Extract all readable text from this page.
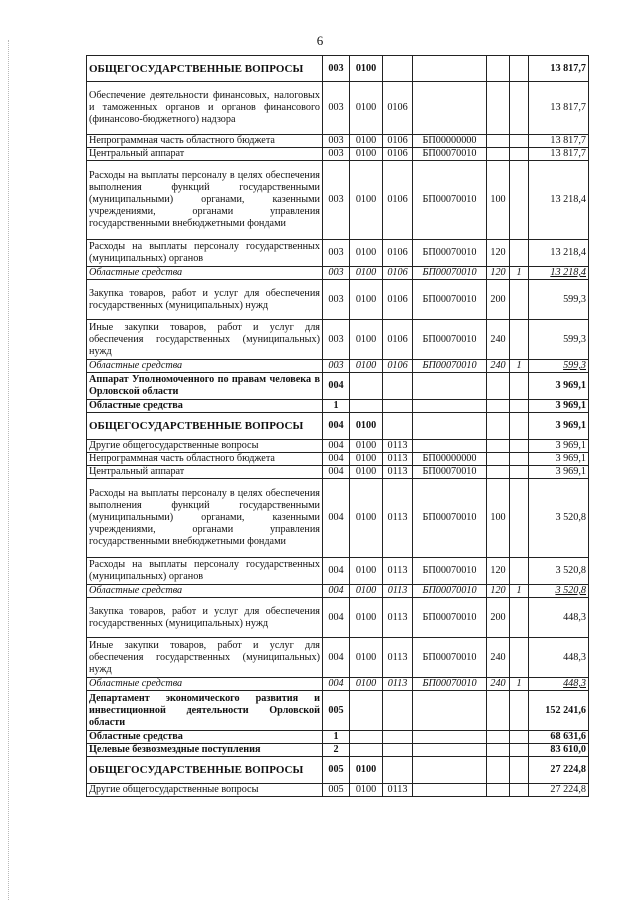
6
ОБЩЕГОСУДАРСТВЕННЫЕ ВОПРОСЫ	003	0100					13 817,7
Обеспечение деятельности финансовых, налоговых и таможенных органов и органов финансового (финансово-бюджетного) надзора	003	0100	0106				13 817,7
Непрограммная часть областного бюджета	003	0100	0106	БП00000000			13 817,7
Центральный аппарат	003	0100	0106	БП00070010			13 817,7
Расходы на выплаты персоналу в целях обеспечения выполнения функций государственными (муниципальными) органами, казенными учреждениями, органами управления государственными внебюджетными фондами	003	0100	0106	БП00070010	100		13 218,4
Расходы на выплаты персоналу государственных (муниципальных) органов	003	0100	0106	БП00070010	120		13 218,4
Областные средства	003	0100	0106	БП00070010	120	1	13 218,4
Закупка товаров, работ и услуг для обеспечения государственных (муниципальных) нужд	003	0100	0106	БП00070010	200		599,3
Иные закупки товаров, работ и услуг для обеспечения государственных (муниципальных) нужд	003	0100	0106	БП00070010	240		599,3
Областные средства	003	0100	0106	БП00070010	240	1	599,3
Аппарат Уполномоченного по правам человека в Орловской области	004						3 969,1
Областные средства	1						3 969,1
ОБЩЕГОСУДАРСТВЕННЫЕ ВОПРОСЫ	004	0100					3 969,1
Другие общегосударственные вопросы	004	0100	0113				3 969,1
Непрограммная часть областного бюджета	004	0100	0113	БП00000000			3 969,1
Центральный аппарат	004	0100	0113	БП00070010			3 969,1
Расходы на выплаты персоналу в целях обеспечения выполнения функций государственными (муниципальными) органами, казенными учреждениями, органами управления государственными внебюджетными фондами	004	0100	0113	БП00070010	100		3 520,8
Расходы на выплаты персоналу государственных (муниципальных) органов	004	0100	0113	БП00070010	120		3 520,8
Областные средства	004	0100	0113	БП00070010	120	1	3 520,8
Закупка товаров, работ и услуг для обеспечения государственных (муниципальных) нужд	004	0100	0113	БП00070010	200		448,3
Иные закупки товаров, работ и услуг для обеспечения государственных (муниципальных) нужд	004	0100	0113	БП00070010	240		448,3
Областные средства	004	0100	0113	БП00070010	240	1	448,3
Департамент экономического развития и инвестиционной деятельности Орловской области	005						152 241,6
Областные средства	1						68 631,6
Целевые безвозмездные поступления	2						83 610,0
ОБЩЕГОСУДАРСТВЕННЫЕ ВОПРОСЫ	005	0100					27 224,8
Другие общегосударственные вопросы	005	0100	0113				27 224,8
